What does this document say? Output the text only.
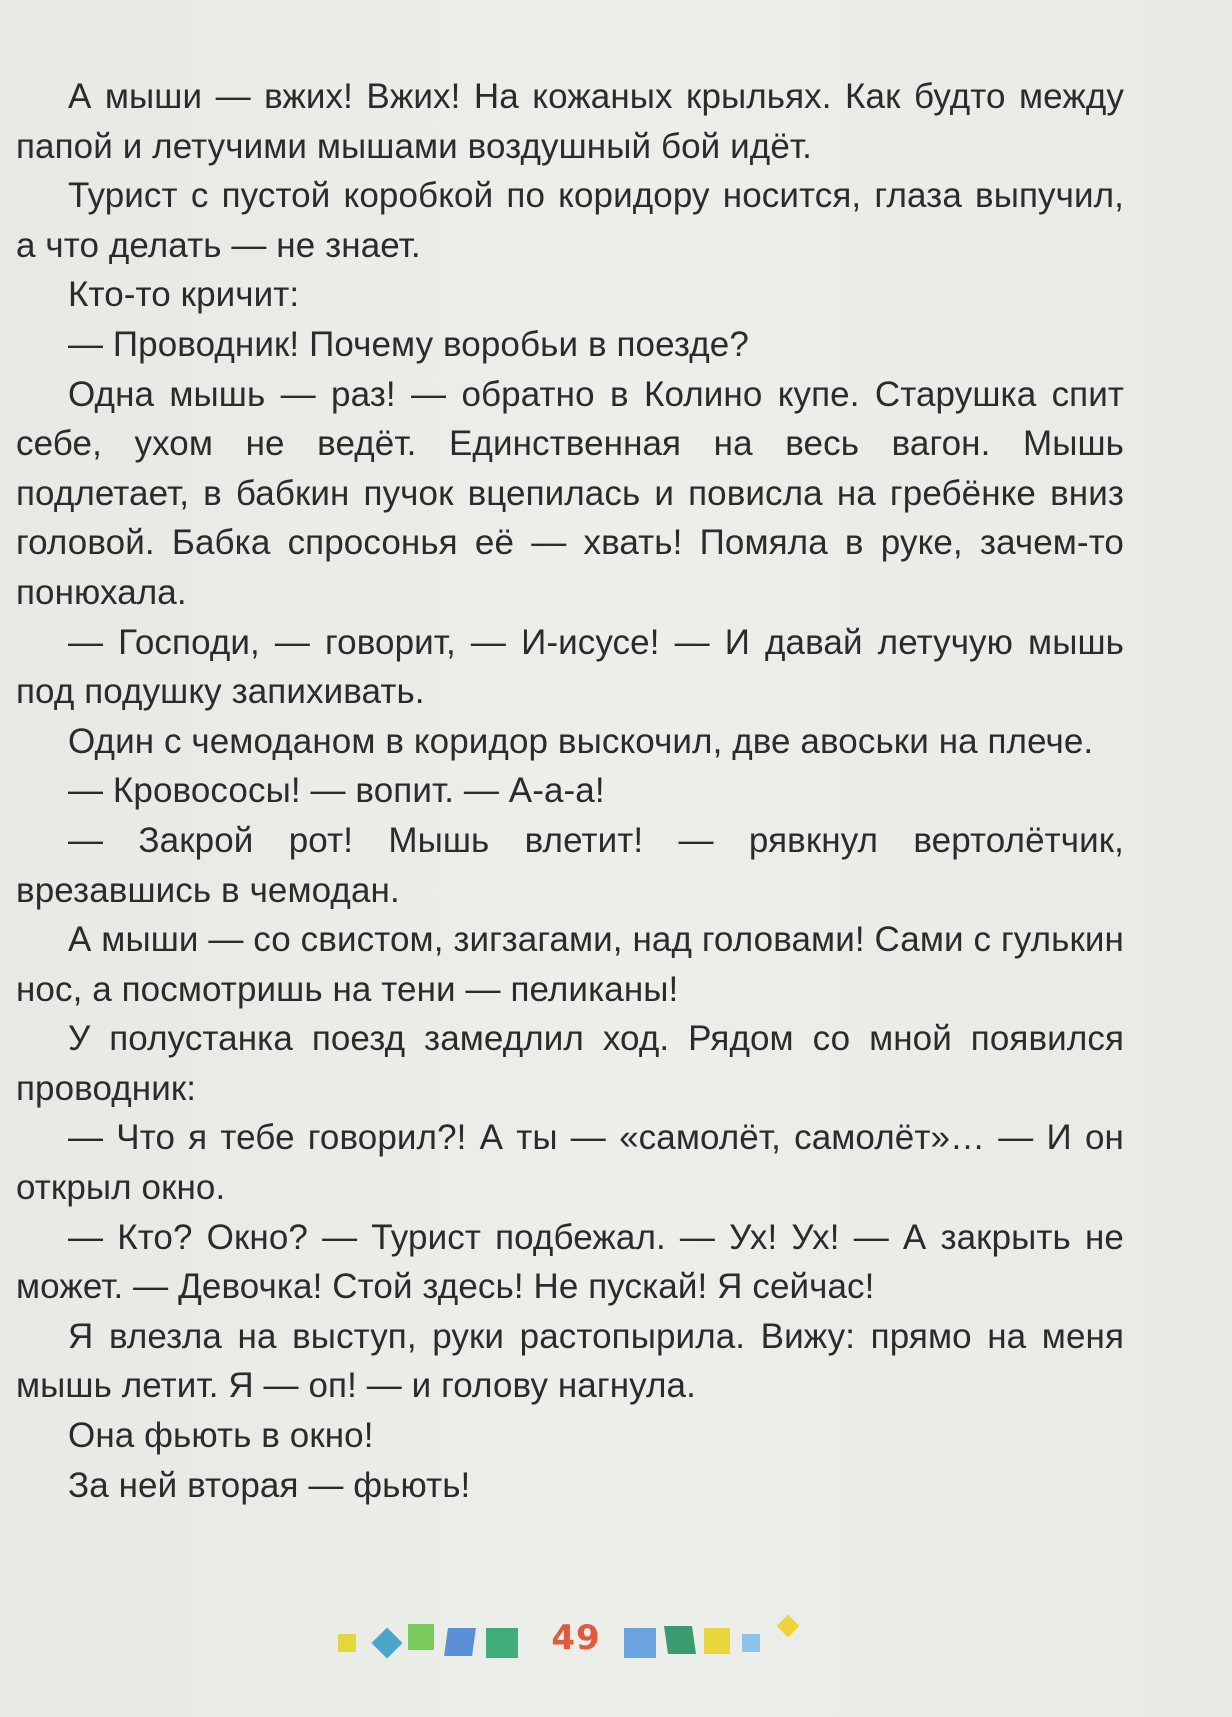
А мыши — вжих! Вжих! На кожаных крыльях. Как будто между папой и летучими мышами воздушный бой идёт.

Турист с пустой коробкой по коридору носится, глаза выпучил, а что делать — не знает.

Кто-то кричит:

— Проводник! Почему воробьи в поезде?

Одна мышь — раз! — обратно в Колино купе. Старушка спит себе, ухом не ведёт. Единственная на весь вагон. Мышь подлетает, в бабкин пучок вцепилась и повисла на гребёнке вниз головой. Бабка спросонья её — хвать! Помяла в руке, зачем-то понюхала.

— Господи, — говорит, — И-исусе! — И давай летучую мышь под подушку запихивать.

Один с чемоданом в коридор выскочил, две авоськи на плече.

— Кровососы! — вопит. — А-а-а!

— Закрой рот! Мышь влетит! — рявкнул вертолётчик, врезавшись в чемодан.

А мыши — со свистом, зигзагами, над головами! Сами с гулькин нос, а посмотришь на тени — пеликаны!

У полустанка поезд замедлил ход. Рядом со мной появился проводник:

— Что я тебе говорил?! А ты — «самолёт, самолёт»… — И он открыл окно.

— Кто? Окно? — Турист подбежал. — Ух! Ух! — А закрыть не может. — Девочка! Стой здесь! Не пускай! Я сейчас!

Я влезла на выступ, руки растопырила. Вижу: прямо на меня мышь летит. Я — оп! — и голову нагнула.

Она фьють в окно!

За ней вторая — фьють!

49
